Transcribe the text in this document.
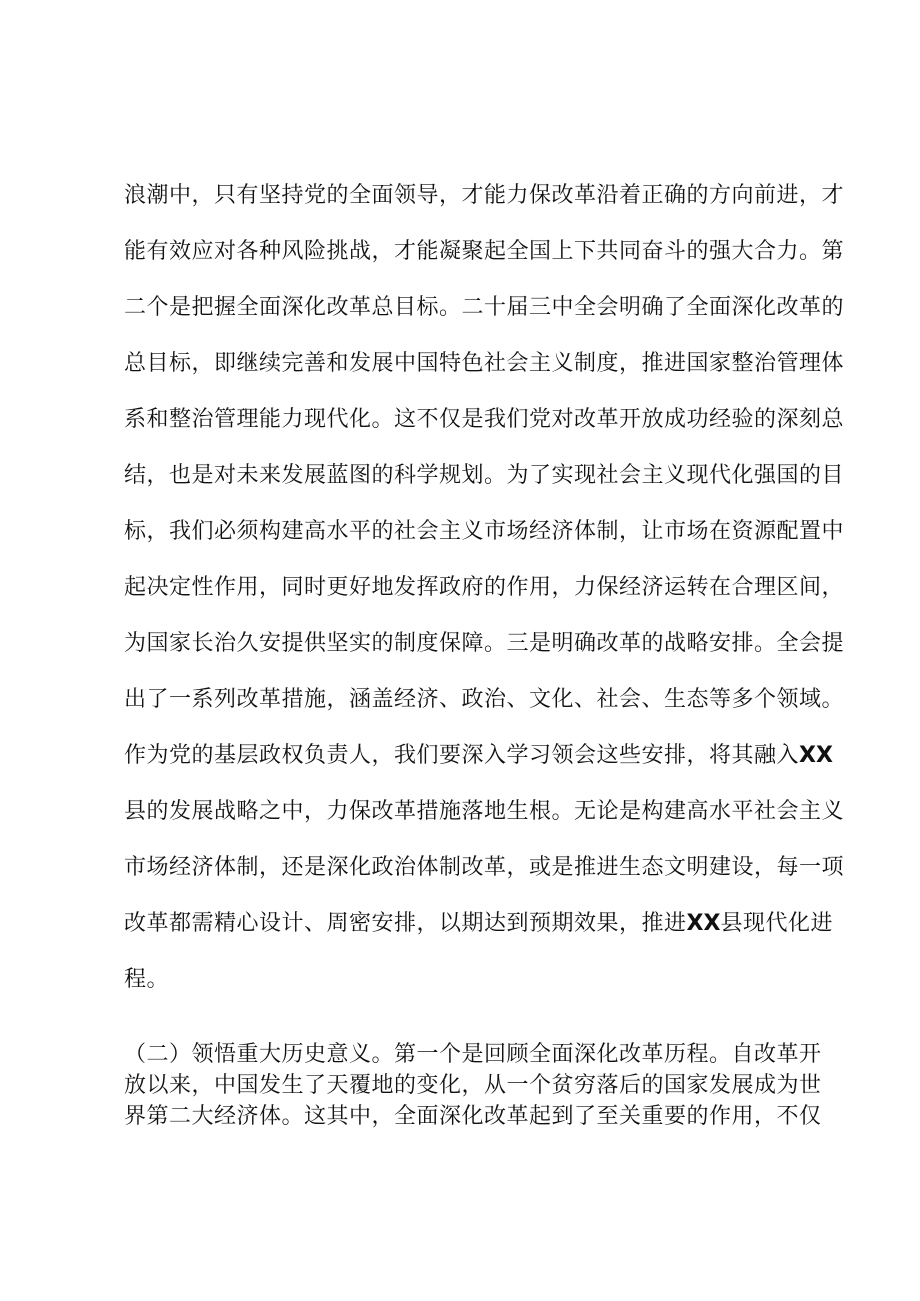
浪潮中，只有坚持党的全面领导，才能力保改革沿着正确的方向前进，才
能有效应对各种风险挑战，才能凝聚起全国上下共同奋斗的强大合力。第
二个是把握全面深化改革总目标。二十届三中全会明确了全面深化改革的
总目标，即继续完善和发展中国特色社会主义制度，推进国家整治管理体
系和整治管理能力现代化。这不仅是我们党对改革开放成功经验的深刻总
结，也是对未来发展蓝图的科学规划。为了实现社会主义现代化强国的目
标，我们必须构建高水平的社会主义市场经济体制，让市场在资源配置中
起决定性作用，同时更好地发挥政府的作用，力保经济运转在合理区间，
为国家长治久安提供坚实的制度保障。三是明确改革的战略安排。全会提
出了一系列改革措施，涵盖经济、政治、文化、社会、生态等多个领域。
作为党的基层政权负责人，我们要深入学习领会这些安排，将其融入XX
县的发展战略之中，力保改革措施落地生根。无论是构建高水平社会主义
市场经济体制，还是深化政治体制改革，或是推进生态文明建设，每一项
改革都需精心设计、周密安排，以期达到预期效果，推进XX县现代化进
程。
（二）领悟重大历史意义。第一个是回顾全面深化改革历程。自改革开
放以来，中国发生了天覆地的变化，从一个贫穷落后的国家发展成为世
界第二大经济体。这其中，全面深化改革起到了至关重要的作用，不仅
